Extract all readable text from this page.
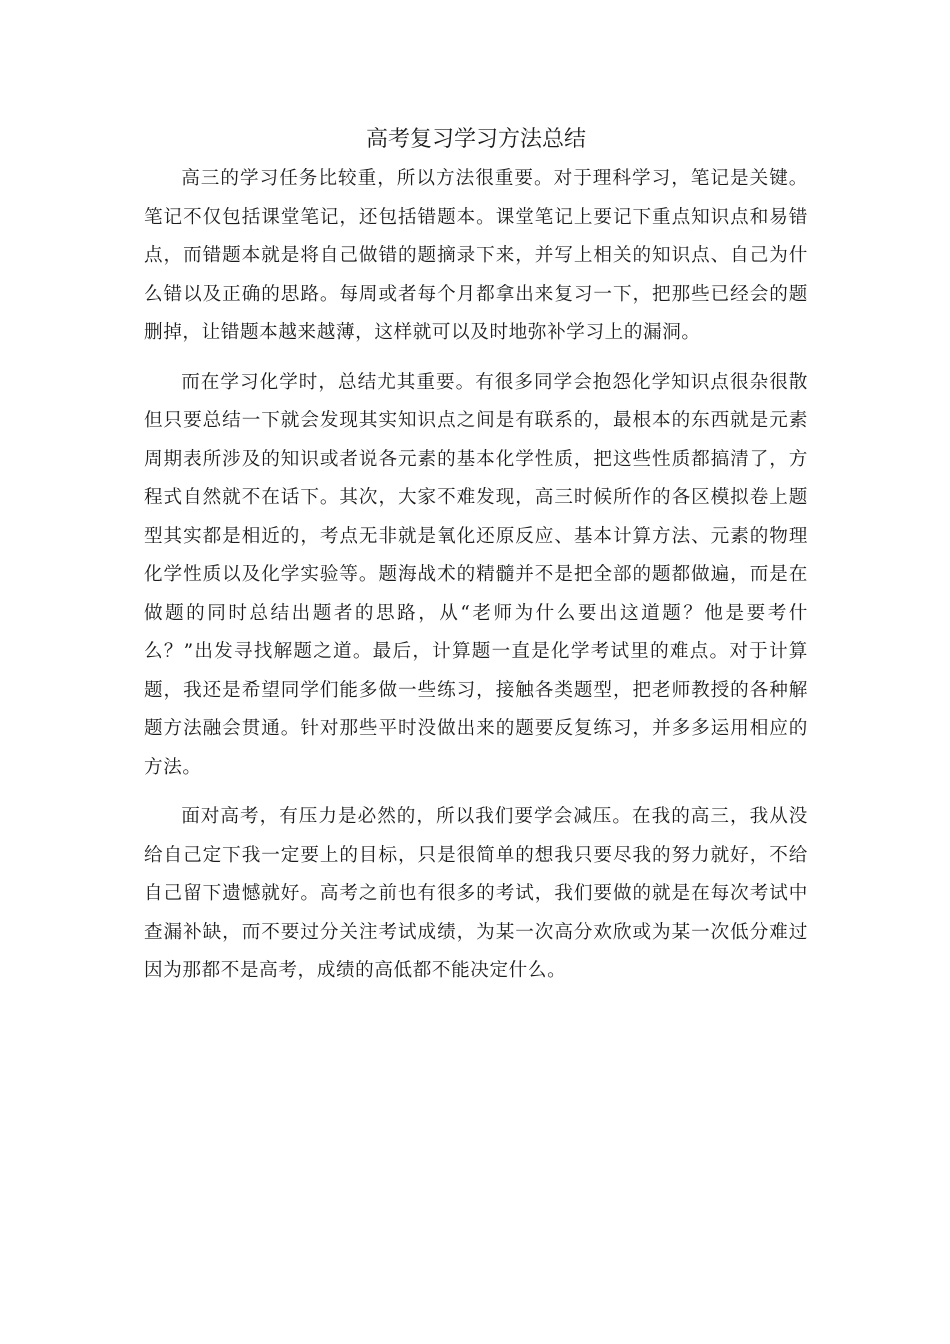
高考复习学习方法总结

高三的学习任务比较重，所以方法很重要。对于理科学习，笔记是关键。笔记不仅包括课堂笔记，还包括错题本。课堂笔记上要记下重点知识点和易错点，而错题本就是将自己做错的题摘录下来，并写上相关的知识点、自己为什么错以及正确的思路。每周或者每个月都拿出来复习一下，把那些已经会的题删掉，让错题本越来越薄，这样就可以及时地弥补学习上的漏洞。

而在学习化学时，总结尤其重要。有很多同学会抱怨化学知识点很杂很散但只要总结一下就会发现其实知识点之间是有联系的，最根本的东西就是元素周期表所涉及的知识或者说各元素的基本化学性质，把这些性质都搞清了，方程式自然就不在话下。其次，大家不难发现，高三时候所作的各区模拟卷上题型其实都是相近的，考点无非就是氧化还原反应、基本计算方法、元素的物理化学性质以及化学实验等。题海战术的精髓并不是把全部的题都做遍，而是在做题的同时总结出题者的思路，从“老师为什么要出这道题？他是要考什么？”出发寻找解题之道。最后，计算题一直是化学考试里的难点。对于计算题，我还是希望同学们能多做一些练习，接触各类题型，把老师教授的各种解题方法融会贯通。针对那些平时没做出来的题要反复练习，并多多运用相应的方法。

面对高考，有压力是必然的，所以我们要学会减压。在我的高三，我从没给自己定下我一定要上的目标，只是很简单的想我只要尽我的努力就好，不给自己留下遗憾就好。高考之前也有很多的考试，我们要做的就是在每次考试中查漏补缺，而不要过分关注考试成绩，为某一次高分欢欣或为某一次低分难过因为那都不是高考，成绩的高低都不能决定什么。
